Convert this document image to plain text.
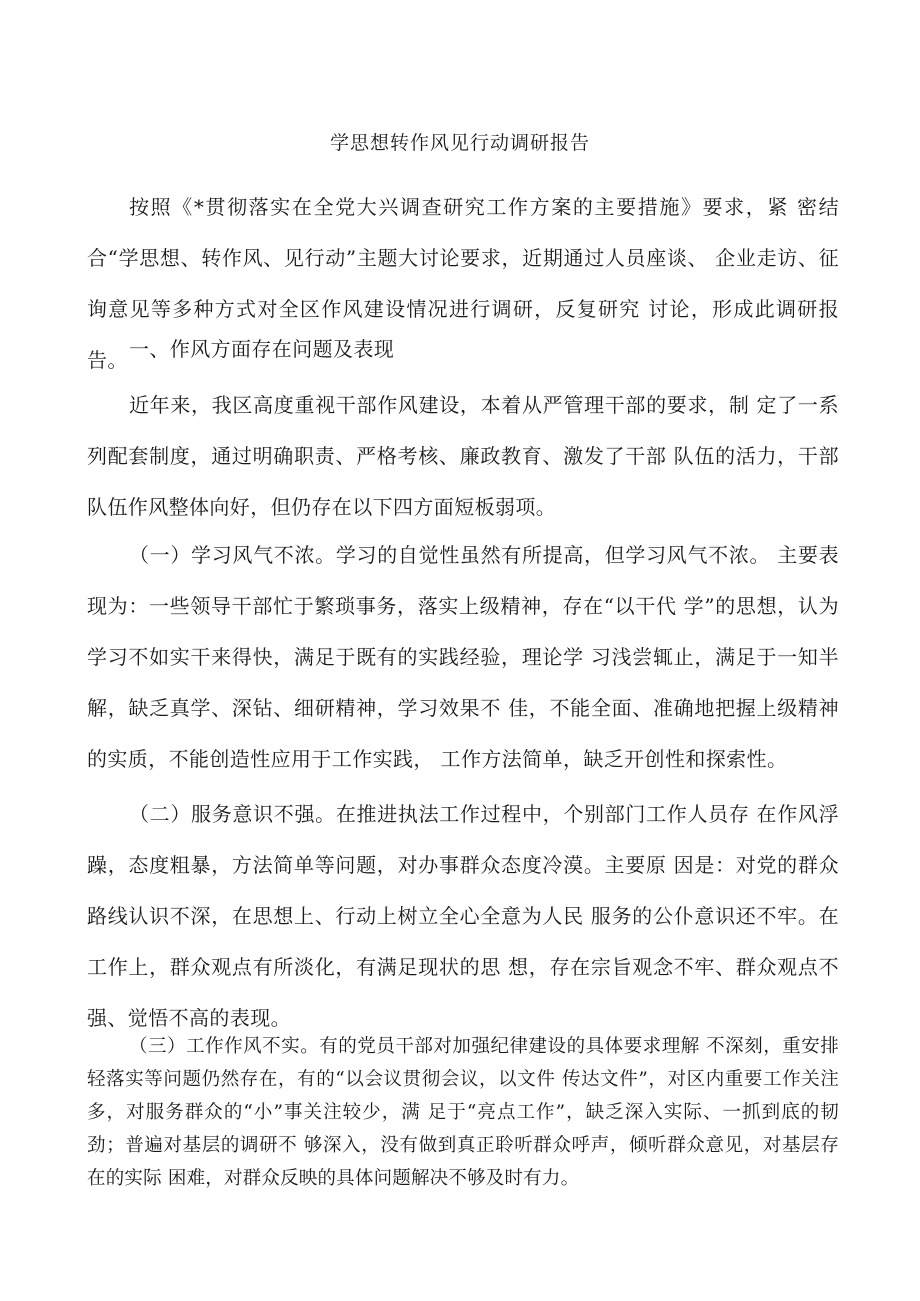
学思想转作风见行动调研报告

按照《*贯彻落实在全党大兴调查研究工作方案的主要措施》要求，紧 密结合“学思想、转作风、见行动”主题大讨论要求，近期通过人员座谈、 企业走访、征询意见等多种方式对全区作风建设情况进行调研，反复研究 讨论，形成此调研报告。 一、作风方面存在问题及表现

近年来，我区高度重视干部作风建设，本着从严管理干部的要求，制 定了一系列配套制度，通过明确职责、严格考核、廉政教育、激发了干部 队伍的活力，干部队伍作风整体向好，但仍存在以下四方面短板弱项。

（一）学习风气不浓。学习的自觉性虽然有所提高，但学习风气不浓。 主要表现为：一些领导干部忙于繁琐事务，落实上级精神，存在“以干代 学”的思想，认为学习不如实干来得快，满足于既有的实践经验，理论学 习浅尝辄止，满足于一知半解，缺乏真学、深钻、细研精神，学习效果不 佳，不能全面、准确地把握上级精神的实质，不能创造性应用于工作实践， 工作方法简单，缺乏开创性和探索性。

（二）服务意识不强。在推进执法工作过程中，个别部门工作人员存 在作风浮躁，态度粗暴，方法简单等问题，对办事群众态度冷漠。主要原 因是：对党的群众路线认识不深，在思想上、行动上树立全心全意为人民 服务的公仆意识还不牢。在工作上，群众观点有所淡化，有满足现状的思 想，存在宗旨观念不牢、群众观点不强、觉悟不高的表现。

（三）工作作风不实。有的党员干部对加强纪律建设的具体要求理解 不深刻，重安排轻落实等问题仍然存在，有的“以会议贯彻会议，以文件 传达文件”，对区内重要工作关注多，对服务群众的“小”事关注较少，满 足于“亮点工作”，缺乏深入实际、一抓到底的韧劲；普遍对基层的调研不 够深入，没有做到真正聆听群众呼声，倾听群众意见，对基层存在的实际 困难，对群众反映的具体问题解决不够及时有力。
